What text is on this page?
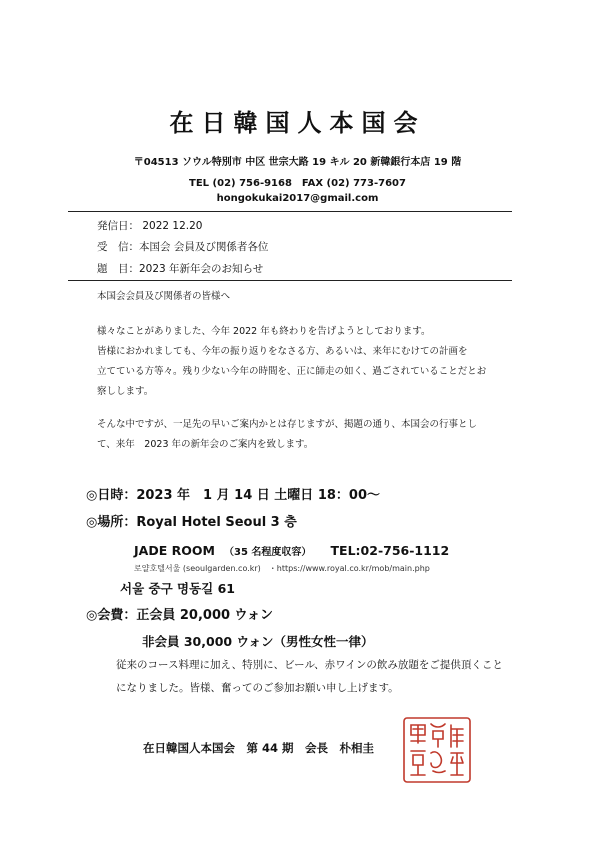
在日韓国人本国会
〒04513 ソウル特別市 中区 世宗大路 19 キル 20 新韓銀行本店 19 階
TEL (02) 756-9168　FAX (02) 773-7607
hongokukai2017@gmail.com
発信日： 2022 12.20
受　信：本国会 会員及び関係者各位
題　目：2023 年新年会のお知らせ
本国会会員及び関係者の皆様へ
様々なことがありました、今年 2022 年も終わりを告げようとしております。
皆様におかれましても、今年の振り返りをなさる方、あるいは、来年にむけての計画を
立てている方等々。残り少ない今年の時間を、正に師走の如く、過ごされていることだとお
察しします。
そんな中ですが、一足先の早いご案内かとは存じますが、掲題の通り、本国会の行事とし
て、来年　2023 年の新年会のご案内を致します。
◎日時：2023 年　1 月 14 日 土曜日 18：00～
◎場所：Royal Hotel Seoul 3 층
JADE ROOM （35 名程度収容） TEL:02-756-1112
로얄호텔서울 (seoulgarden.co.kr)　・https://www.royal.co.kr/mob/main.php
서울 중구 명동길 61
◎会費：正会員 20,000 ウォン
非会員 30,000 ウォン（男性女性一律）
従来のコース料理に加え、特別に、ビール、赤ワインの飲み放題をご提供頂くこと
になりました。皆様、奮ってのご参加お願い申し上げます。
在日韓国人本国会　第 44 期　会長　朴相圭
